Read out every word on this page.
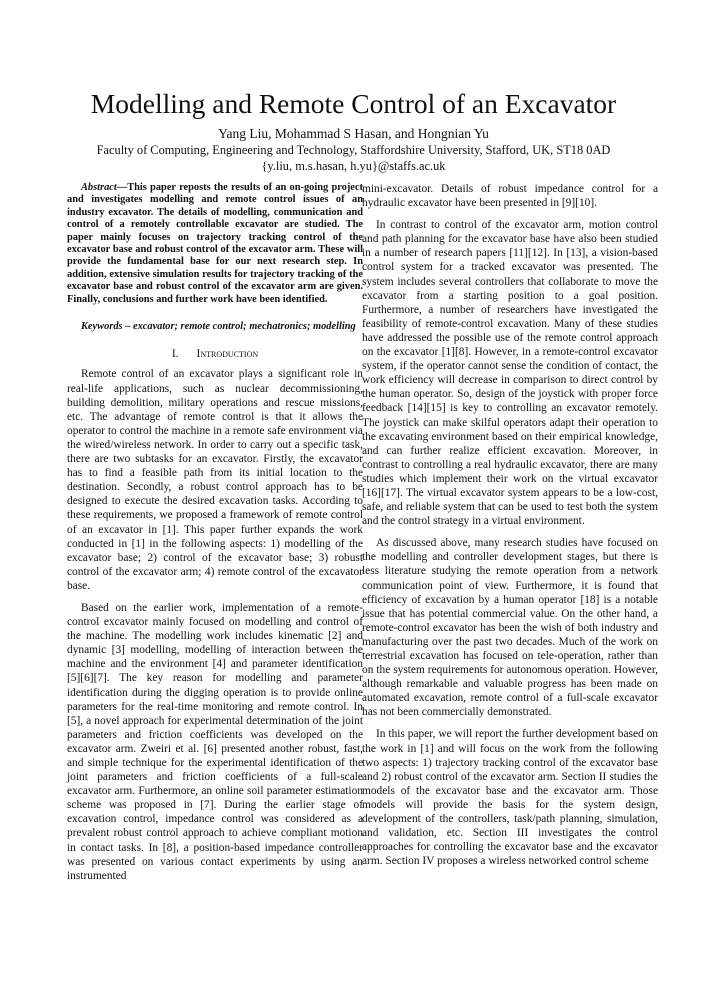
Modelling and Remote Control of an Excavator
Yang Liu, Mohammad S Hasan, and Hongnian Yu
Faculty of Computing, Engineering and Technology, Staffordshire University, Stafford, UK, ST18 0AD
{y.liu, m.s.hasan, h.yu}@staffs.ac.uk

Abstract—This paper reposts the results of an on-going project and investigates modelling and remote control issues of an industry excavator. The details of modelling, communication and control of a remotely controllable excavator are studied. The paper mainly focuses on trajectory tracking control of the excavator base and robust control of the excavator arm. These will provide the fundamental base for our next research step. In addition, extensive simulation results for trajectory tracking of the excavator base and robust control of the excavator arm are given. Finally, conclusions and further work have been identified.

Keywords – excavator; remote control; mechatronics; modelling

I. Introduction

Remote control of an excavator plays a significant role in real-life applications, such as nuclear decommissioning, building demolition, military operations and rescue missions, etc. The advantage of remote control is that it allows the operator to control the machine in a remote safe environment via the wired/wireless network. In order to carry out a specific task, there are two subtasks for an excavator. Firstly, the excavator has to find a feasible path from its initial location to the destination. Secondly, a robust control approach has to be designed to execute the desired excavation tasks. According to these requirements, we proposed a framework of remote control of an excavator in [1]. This paper further expands the work conducted in [1] in the following aspects: 1) modelling of the excavator base; 2) control of the excavator base; 3) robust control of the excavator arm; 4) remote control of the excavator base.

Based on the earlier work, implementation of a remote-control excavator mainly focused on modelling and control of the machine. The modelling work includes kinematic [2] and dynamic [3] modelling, modelling of interaction between the machine and the environment [4] and parameter identification [5][6][7]. The key reason for modelling and parameter identification during the digging operation is to provide online parameters for the real-time monitoring and remote control. In [5], a novel approach for experimental determination of the joint parameters and friction coefficients was developed on the excavator arm. Zweiri et al. [6] presented another robust, fast, and simple technique for the experimental identification of the joint parameters and friction coefficients of a full-scale excavator arm. Furthermore, an online soil parameter estimation scheme was proposed in [7]. During the earlier stage of excavation control, impedance control was considered as a prevalent robust control approach to achieve compliant motion in contact tasks. In [8], a position-based impedance controller was presented on various contact experiments by using an instrumented

mini-excavator. Details of robust impedance control for a hydraulic excavator have been presented in [9][10].

In contrast to control of the excavator arm, motion control and path planning for the excavator base have also been studied in a number of research papers [11][12]. In [13], a vision-based control system for a tracked excavator was presented. The system includes several controllers that collaborate to move the excavator from a starting position to a goal position. Furthermore, a number of researchers have investigated the feasibility of remote-control excavation. Many of these studies have addressed the possible use of the remote control approach on the excavator [1][8]. However, in a remote-control excavator system, if the operator cannot sense the condition of contact, the work efficiency will decrease in comparison to direct control by the human operator. So, design of the joystick with proper force feedback [14][15] is key to controlling an excavator remotely. The joystick can make skilful operators adapt their operation to the excavating environment based on their empirical knowledge, and can further realize efficient excavation. Moreover, in contrast to controlling a real hydraulic excavator, there are many studies which implement their work on the virtual excavator [16][17]. The virtual excavator system appears to be a low-cost, safe, and reliable system that can be used to test both the system and the control strategy in a virtual environment.

As discussed above, many research studies have focused on the modelling and controller development stages, but there is less literature studying the remote operation from a network communication point of view. Furthermore, it is found that efficiency of excavation by a human operator [18] is a notable issue that has potential commercial value. On the other hand, a remote-control excavator has been the wish of both industry and manufacturing over the past two decades. Much of the work on terrestrial excavation has focused on tele-operation, rather than on the system requirements for autonomous operation. However, although remarkable and valuable progress has been made on automated excavation, remote control of a full-scale excavator has not been commercially demonstrated.

In this paper, we will report the further development based on the work in [1] and will focus on the work from the following two aspects: 1) trajectory tracking control of the excavator base and 2) robust control of the excavator arm. Section II studies the models of the excavator base and the excavator arm. Those models will provide the basis for the system design, development of the controllers, task/path planning, simulation, and validation, etc. Section III investigates the control approaches for controlling the excavator base and the excavator arm. Section IV proposes a wireless networked control scheme
